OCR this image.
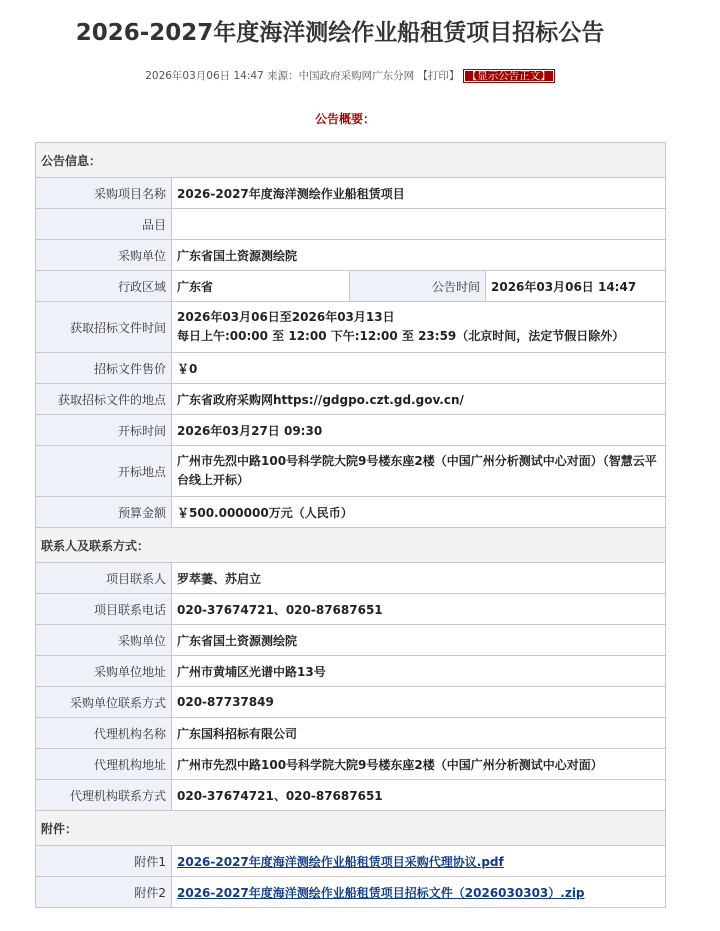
2026-2027年度海洋测绘作业船租赁项目招标公告
2026年03月06日 14:47 来源：中国政府采购网广东分网 【打印】 【显示公告正文】
公告概要：
公告信息：			
采购项目名称	2026-2027年度海洋测绘作业船租赁项目		
品目			
采购单位	广东省国土资源测绘院		
行政区域	广东省	公告时间	2026年03月06日 14:47
获取招标文件时间	2026年03月06日至2026年03月13日
每日上午:00:00 至 12:00 下午:12:00 至 23:59（北京时间，法定节假日除外）		

招标文件售价	￥0		
获取招标文件的地点	广东省政府采购网https://gdgpo.czt.gd.gov.cn/		
开标时间	2026年03月27日 09:30		
开标地点	广州市先烈中路100号科学院大院9号楼东座2楼（中国广州分析测试中心对面）（智慧云平台线上开标）		
预算金额	￥500.000000万元（人民币）		
联系人及联系方式：			
项目联系人	罗萃萋、苏启立		
项目联系电话	020-37674721、020-87687651		
采购单位	广东省国土资源测绘院		
采购单位地址	广州市黄埔区光谱中路13号		
采购单位联系方式	020-87737849		
代理机构名称	广东国科招标有限公司		
代理机构地址	广州市先烈中路100号科学院大院9号楼东座2楼（中国广州分析测试中心对面）		
代理机构联系方式	020-37674721、020-87687651		
附件：			
附件1	2026-2027年度海洋测绘作业船租赁项目采购代理协议.pdf		
附件2	2026-2027年度海洋测绘作业船租赁项目招标文件（2026030303）.zip		
